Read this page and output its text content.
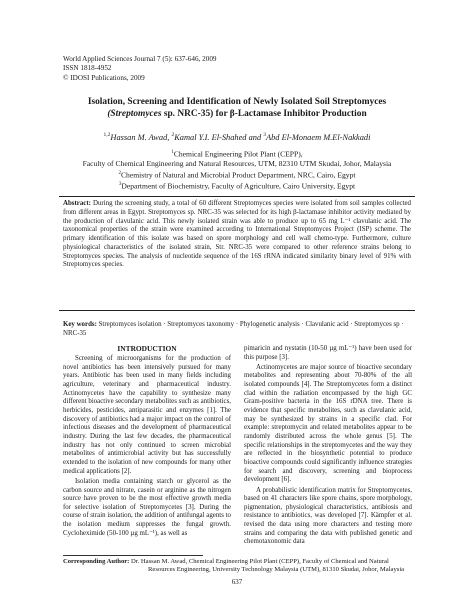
World Applied Sciences Journal 7 (5): 637-646, 2009
ISSN 1818-4952
© IDOSI Publications, 2009
Isolation, Screening and Identification of Newly Isolated Soil Streptomyces
(Streptomyces sp. NRC-35) for β-Lactamase Inhibitor Production
$^{1,2}$Hassan M. Awad, $^2$Kamal Y.I. El-Shahed and $^3$Abd El-Monaem M.El-Nakkadi
$^1$Chemical Engineering Pilot Plant (CEPP),
Faculty of Chemical Engineering and Natural Resources, UTM, 82310 UTM Skudai, Johor, Malaysia
$^2$Chemistry of Natural and Microbial Product Department, NRC, Cairo, Egypt
$^3$Department of Biochemistry, Faculty of Agriculture, Cairo University, Egypt
Abstract: During the screening study, a total of 60 different Streptomyces species were isolated from soil samples collected from different areas in Egypt. Streptomyces sp. NRC-35 was selected for its high β-lactamase inhibitor activity mediated by the production of clavulanic acid. This newly isolated strain was able to produce up to 65 mg L⁻¹ clavulanic acid. The taxonomical properties of the strain were examined according to International Streptomyces Project (ISP) scheme. The primary identification of this isolate was based on spore morphology and cell wall chemo-type. Furthermore, culture physiological characteristics of the isolated strain, Str. NRC-35 were compared to other reference strains belong to Streptomyces species. The analysis of nucleotide sequence of the 16S rRNA indicated similarity binary level of 91% with Streptomyces species.
Key words: Streptomyces isolation · Streptomyces taxonomy · Phylogenetic analysis · Clavulanic acid · Streptomyces sp · NRC-35

INTRODUCTION

Screening of microorganisms for the production of novel antibiotics has been intensively pursued for many years. Antibiotic has been used in many fields including agriculture, veterinary and pharmaceutical industry. Actinomycetes have the capability to synthesize many different bioactive secondary metabolites such as antibiotics, herbicides, pesticides, antiparasitic and enzymes [1]. The discovery of antibiotics had a major impact on the control of infectious diseases and the development of pharmaceutical industry. During the last few decades, the pharmaceutical industry has not only continued to screen microbial metabolites of antimicrobial activity but has successfully extended to the isolation of new compounds for many other medical applications [2].

Isolation media containing starch or glycerol as the carbon source and nitrate, casein or arginine as the nitrogen source have proven to be the most effective growth media for selective isolation of Streptomycetes [3]. During the course of strain isolation, the addition of antifungal agents to the isolation medium suppresses the fungal growth. Cycloheximide (50-100 µg mL⁻¹), as well as

pimaricin and nystatin (10-50 µg mL⁻¹) have been used for this purpose [3].

Actinomycetes are major source of bioactive secondary metabolites and representing about 70-80% of the all isolated compounds [4]. The Streptomycetes form a distinct clad within the radiation encompassed by the high GC Gram-positive bacteria in the 16S rDNA tree. There is evidence that specific metabolites, such as clavulanic acid, may be synthesized by strains in a specific clad. For example: streptomycin and related metabolites appear to be randomly distributed across the whole genus [5]. The specific relationships in the streptomycetes and the way they are reflected in the biosynthetic potential to produce bioactive compounds could significantly influence strategies for search and discovery, screening and bioprocess development [6].

A probabilistic identification matrix for Streptomycetes, based on 41 characters like spore chains, spore morphology, pigmentation, physiological characteristics, antibiosis and resistance to antibiotics, was developed [7]. Kämpfer et al. revised the data using more characters and testing more strains and comparing the data with published genetic and chemotaxonomic data

Corresponding Author: Dr. Hassan M. Awad, Chemical Engineering Pilot Plant (CEPP), Faculty of Chemical and Natural
Resources Engineering, University Technology Malaysia (UTM), 81310 Skudai, Johor, Malaysia
637
